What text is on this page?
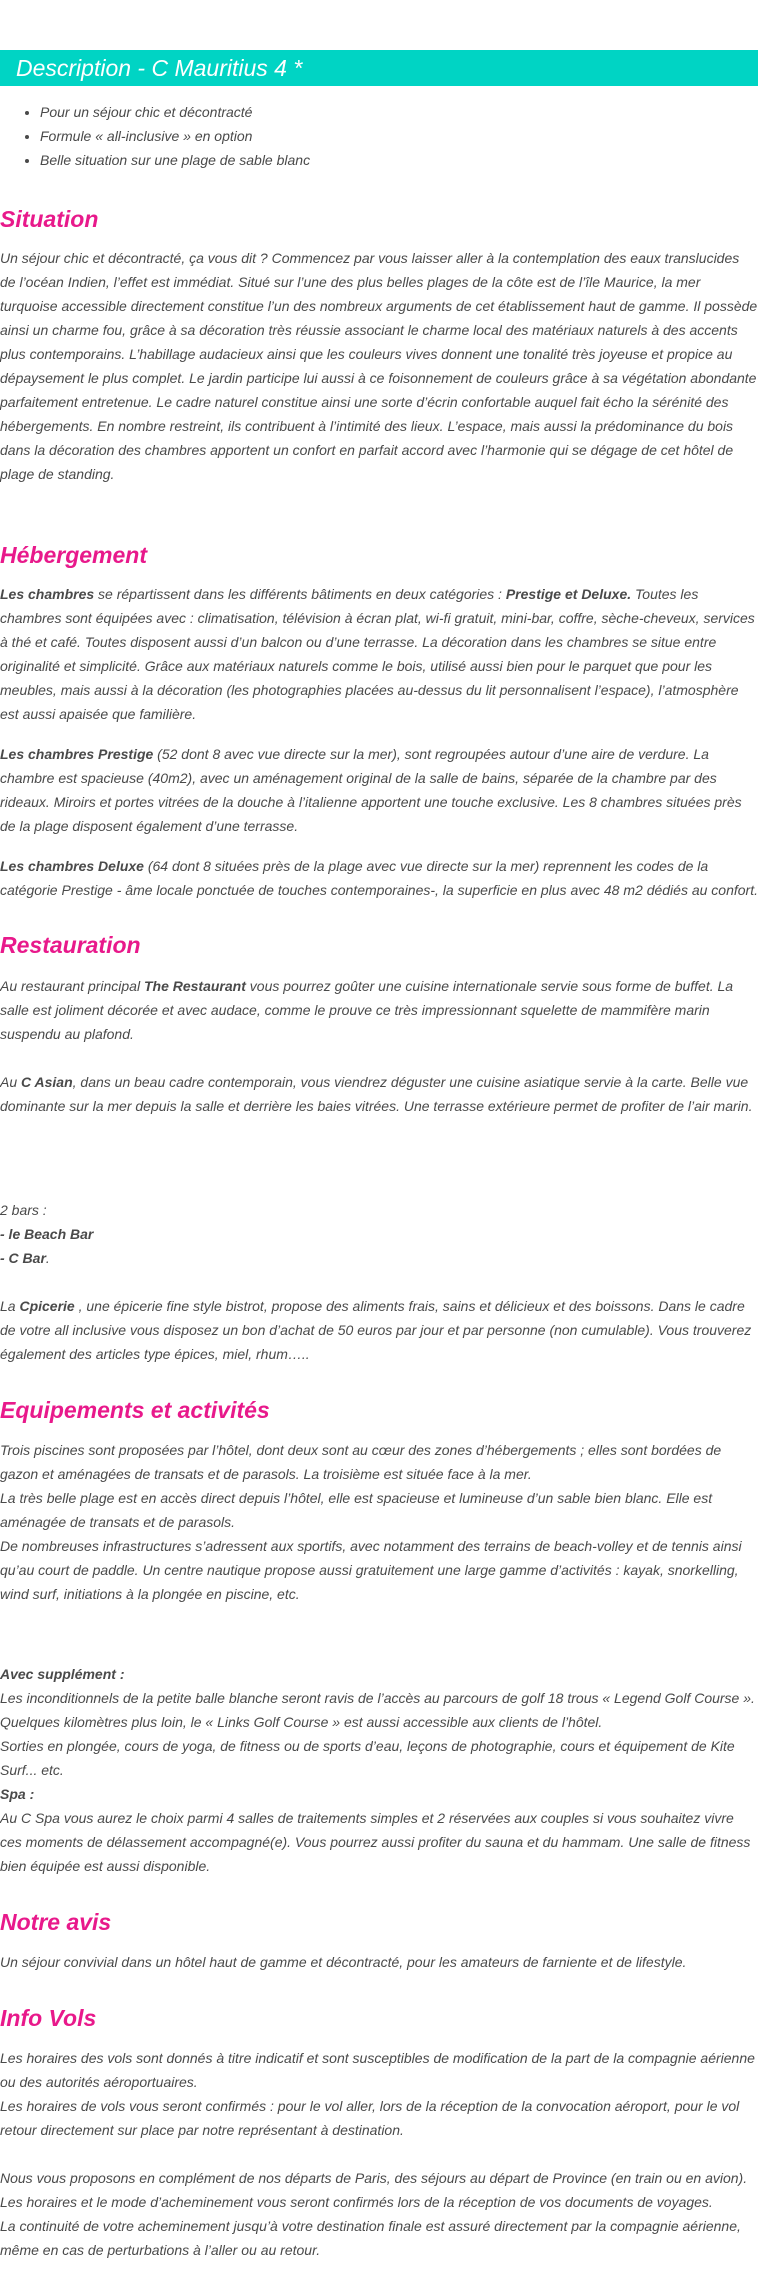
Description - C Mauritius 4 *
• Pour un séjour chic et décontracté
• Formule « all-inclusive » en option
• Belle situation sur une plage de sable blanc
Situation

Un séjour chic et décontracté, ça vous dit ? Commencez par vous laisser aller à la contemplation des eaux translucides de l’océan Indien, l’effet est immédiat. Situé sur l’une des plus belles plages de la côte est de l’île Maurice, la mer turquoise accessible directement constitue l’un des nombreux arguments de cet établissement haut de gamme. Il possède ainsi un charme fou, grâce à sa décoration très réussie associant le charme local des matériaux naturels à des accents plus contemporains. L’habillage audacieux ainsi que les couleurs vives donnent une tonalité très joyeuse et propice au dépaysement le plus complet. Le jardin participe lui aussi à ce foisonnement de couleurs grâce à sa végétation abondante parfaitement entretenue. Le cadre naturel constitue ainsi une sorte d’écrin confortable auquel fait écho la sérénité des hébergements. En nombre restreint, ils contribuent à l’intimité des lieux. L’espace, mais aussi la prédominance du bois dans la décoration des chambres apportent un confort en parfait accord avec l’harmonie qui se dégage de cet hôtel de plage de standing.

Hébergement

Les chambres se répartissent dans les différents bâtiments en deux catégories : Prestige et Deluxe. Toutes les chambres sont équipées avec : climatisation, télévision à écran plat, wi-fi gratuit, mini-bar, coffre, sèche-cheveux, services à thé et café. Toutes disposent aussi d’un balcon ou d’une terrasse. La décoration dans les chambres se situe entre originalité et simplicité. Grâce aux matériaux naturels comme le bois, utilisé aussi bien pour le parquet que pour les meubles, mais aussi à la décoration (les photographies placées au-dessus du lit personnalisent l’espace), l’atmosphère est aussi apaisée que familière.

Les chambres Prestige (52 dont 8 avec vue directe sur la mer), sont regroupées autour d’une aire de verdure. La chambre est spacieuse (40m2), avec un aménagement original de la salle de bains, séparée de la chambre par des rideaux. Miroirs et portes vitrées de la douche à l’italienne apportent une touche exclusive. Les 8 chambres situées près de la plage disposent également d’une terrasse.

Les chambres Deluxe (64 dont 8 situées près de la plage avec vue directe sur la mer) reprennent les codes de la catégorie Prestige - âme locale ponctuée de touches contemporaines-, la superficie en plus avec 48 m2 dédiés au confort.

Restauration

Au restaurant principal The Restaurant vous pourrez goûter une cuisine internationale servie sous forme de buffet. La salle est joliment décorée et avec audace, comme le prouve ce très impressionnant squelette de mammifère marin suspendu au plafond.

Au C Asian, dans un beau cadre contemporain, vous viendrez déguster une cuisine asiatique servie à la carte. Belle vue dominante sur la mer depuis la salle et derrière les baies vitrées. Une terrasse extérieure permet de profiter de l’air marin.

2 bars :

- le Beach Bar

- C Bar.

La Cpicerie , une épicerie fine style bistrot, propose des aliments frais, sains et délicieux et des boissons. Dans le cadre de votre all inclusive vous disposez un bon d’achat de 50 euros par jour et par personne (non cumulable). Vous trouverez également des articles type épices, miel, rhum…..

Equipements et activités

Trois piscines sont proposées par l’hôtel, dont deux sont au cœur des zones d’hébergements ; elles sont bordées de gazon et aménagées de transats et de parasols. La troisième est située face à la mer.

La très belle plage est en accès direct depuis l’hôtel, elle est spacieuse et lumineuse d’un sable bien blanc. Elle est aménagée de transats et de parasols.

De nombreuses infrastructures s’adressent aux sportifs, avec notamment des terrains de beach-volley et de tennis ainsi qu’au court de paddle. Un centre nautique propose aussi gratuitement une large gamme d’activités : kayak, snorkelling, wind surf, initiations à la plongée en piscine, etc.

Avec supplément :

Les inconditionnels de la petite balle blanche seront ravis de l’accès au parcours de golf 18 trous « Legend Golf Course ».

Quelques kilomètres plus loin, le « Links Golf Course » est aussi accessible aux clients de l’hôtel.

Sorties en plongée, cours de yoga, de fitness ou de sports d’eau, leçons de photographie, cours et équipement de Kite Surf... etc.

Spa :

Au C Spa vous aurez le choix parmi 4 salles de traitements simples et 2 réservées aux couples si vous souhaitez vivre ces moments de délassement accompagné(e). Vous pourrez aussi profiter du sauna et du hammam. Une salle de fitness bien équipée est aussi disponible.

Notre avis

Un séjour convivial dans un hôtel haut de gamme et décontracté, pour les amateurs de farniente et de lifestyle.

Info Vols

Les horaires des vols sont donnés à titre indicatif et sont susceptibles de modification de la part de la compagnie aérienne ou des autorités aéroportuaires.

Les horaires de vols vous seront confirmés : pour le vol aller, lors de la réception de la convocation aéroport, pour le vol retour directement sur place par notre représentant à destination.

Nous vous proposons en complément de nos départs de Paris, des séjours au départ de Province (en train ou en avion).

Les horaires et le mode d’acheminement vous seront confirmés lors de la réception de vos documents de voyages.

La continuité de votre acheminement jusqu’à votre destination finale est assuré directement par la compagnie aérienne, même en cas de perturbations à l’aller ou au retour.
